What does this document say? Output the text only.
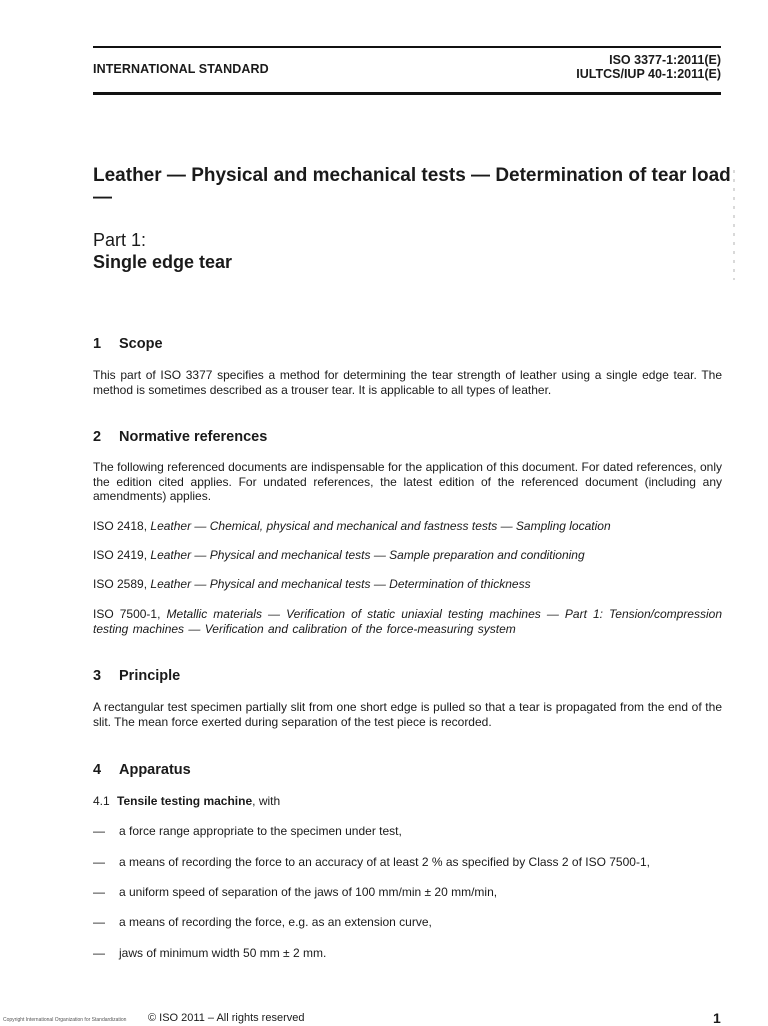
INTERNATIONAL STANDARD
ISO 3377-1:2011(E)
IULTCS/IUP 40-1:2011(E)
Leather — Physical and mechanical tests — Determination of tear load —
Part 1:
Single edge tear
1 Scope
This part of ISO 3377 specifies a method for determining the tear strength of leather using a single edge tear. The method is sometimes described as a trouser tear. It is applicable to all types of leather.
2 Normative references
The following referenced documents are indispensable for the application of this document. For dated references, only the edition cited applies. For undated references, the latest edition of the referenced document (including any amendments) applies.
ISO 2418, Leather — Chemical, physical and mechanical and fastness tests — Sampling location
ISO 2419, Leather — Physical and mechanical tests — Sample preparation and conditioning
ISO 2589, Leather — Physical and mechanical tests — Determination of thickness
ISO 7500-1, Metallic materials — Verification of static uniaxial testing machines — Part 1: Tension/compression testing machines — Verification and calibration of the force-measuring system
3 Principle
A rectangular test specimen partially slit from one short edge is pulled so that a tear is propagated from the end of the slit. The mean force exerted during separation of the test piece is recorded.
4 Apparatus
4.1 Tensile testing machine, with
— a force range appropriate to the specimen under test,
— a means of recording the force to an accuracy of at least 2 % as specified by Class 2 of ISO 7500-1,
— a uniform speed of separation of the jaws of 100 mm/min ± 20 mm/min,
— a means of recording the force, e.g. as an extension curve,
— jaws of minimum width 50 mm ± 2 mm.
Copyright International Organization for Standardization © ISO 2011 – All rights reserved	1
